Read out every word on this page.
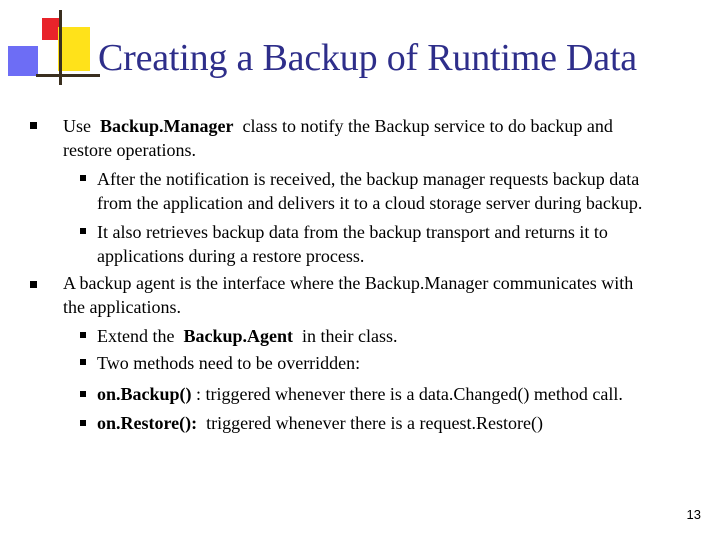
Creating a Backup of Runtime Data
Use Backup.Manager class to notify the Backup service to do backup and
restore operations.
After the notification is received, the backup manager requests backup data
from the application and delivers it to a cloud storage server during backup.
It also retrieves backup data from the backup transport and returns it to
applications during a restore process.
A backup agent is the interface where the Backup.Manager communicates with
the applications.
Extend the Backup.Agent in their class.
Two methods need to be overridden:
on.Backup() : triggered whenever there is a data.Changed() method call.
on.Restore(): triggered whenever there is a request.Restore()
13
